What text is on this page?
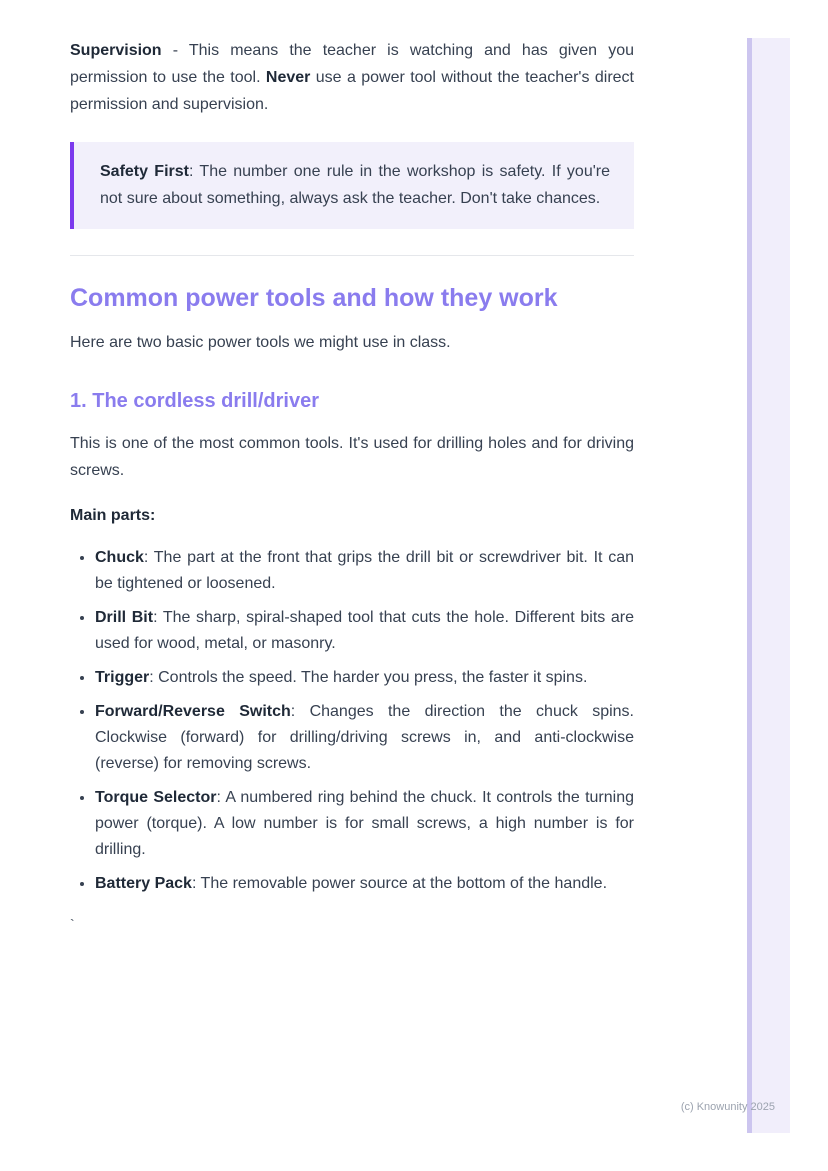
Supervision - This means the teacher is watching and has given you permission to use the tool. Never use a power tool without the teacher's direct permission and supervision.

Safety First: The number one rule in the workshop is safety. If you're not sure about something, always ask the teacher. Don't take chances.
Common power tools and how they work

Here are two basic power tools we might use in class.

1. The cordless drill/driver

This is one of the most common tools. It's used for drilling holes and for driving screws.

Main parts:

• Chuck: The part at the front that grips the drill bit or screwdriver bit. It can be tightened or loosened.
• Drill Bit: The sharp, spiral-shaped tool that cuts the hole. Different bits are used for wood, metal, or masonry.
• Trigger: Controls the speed. The harder you press, the faster it spins.
• Forward/Reverse Switch: Changes the direction the chuck spins. Clockwise (forward) for drilling/driving screws in, and anti-clockwise (reverse) for removing screws.
• Torque Selector: A numbered ring behind the chuck. It controls the turning power (torque). A low number is for small screws, a high number is for drilling.
• Battery Pack: The removable power source at the bottom of the handle.

`

(c) Knowunity 2025
